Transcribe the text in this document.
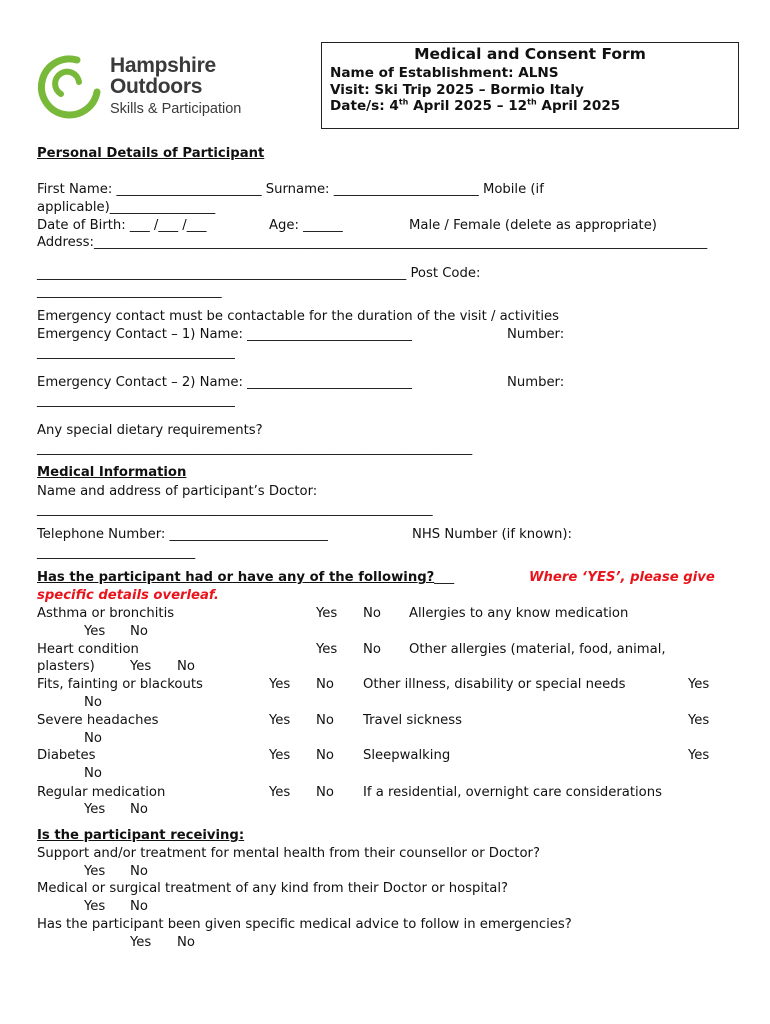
Hampshire
Outdoors
Skills & Participation
Medical and Consent Form
Name of Establishment: ALNS
Visit: Ski Trip 2025 – Bormio Italy
Date/s: 4th April 2025 – 12th April 2025
Personal Details of Participant
First Name: ______________________ Surname: ______________________ Mobile (if
applicable)________________
Date of Birth: ___ /___ /___	Age: ______	Male / Female (delete as appropriate)
Address:_____________________________________________________________________________________________
________________________________________________________ Post Code:
____________________________
Emergency contact must be contactable for the duration of the visit / activities
Emergency Contact – 1) Name: _________________________	Number:
______________________________
Emergency Contact – 2) Name: _________________________	Number:
______________________________
Any special dietary requirements?
__________________________________________________________________
Medical Information
Name and address of participant’s Doctor:
____________________________________________________________
Telephone Number: ________________________	NHS Number (if known):
________________________
Has the participant had or have any of the following?___	Where ‘YES’, please give
specific details overleaf.
Asthma or bronchitis	Yes No Allergies to any know medication
Yes No
Heart condition	Yes No Other allergies (material, food, animal,
plasters)	Yes No
Fits, fainting or blackouts	Yes No Other illness, disability or special needs	Yes
No
Severe headaches	Yes No Travel sickness	Yes
No
Diabetes	Yes No Sleepwalking	Yes
No
Regular medication	Yes No If a residential, overnight care considerations
Yes No
Is the participant receiving:
Support and/or treatment for mental health from their counsellor or Doctor?
Yes No
Medical or surgical treatment of any kind from their Doctor or hospital?
Yes No
Has the participant been given specific medical advice to follow in emergencies?
Yes No
